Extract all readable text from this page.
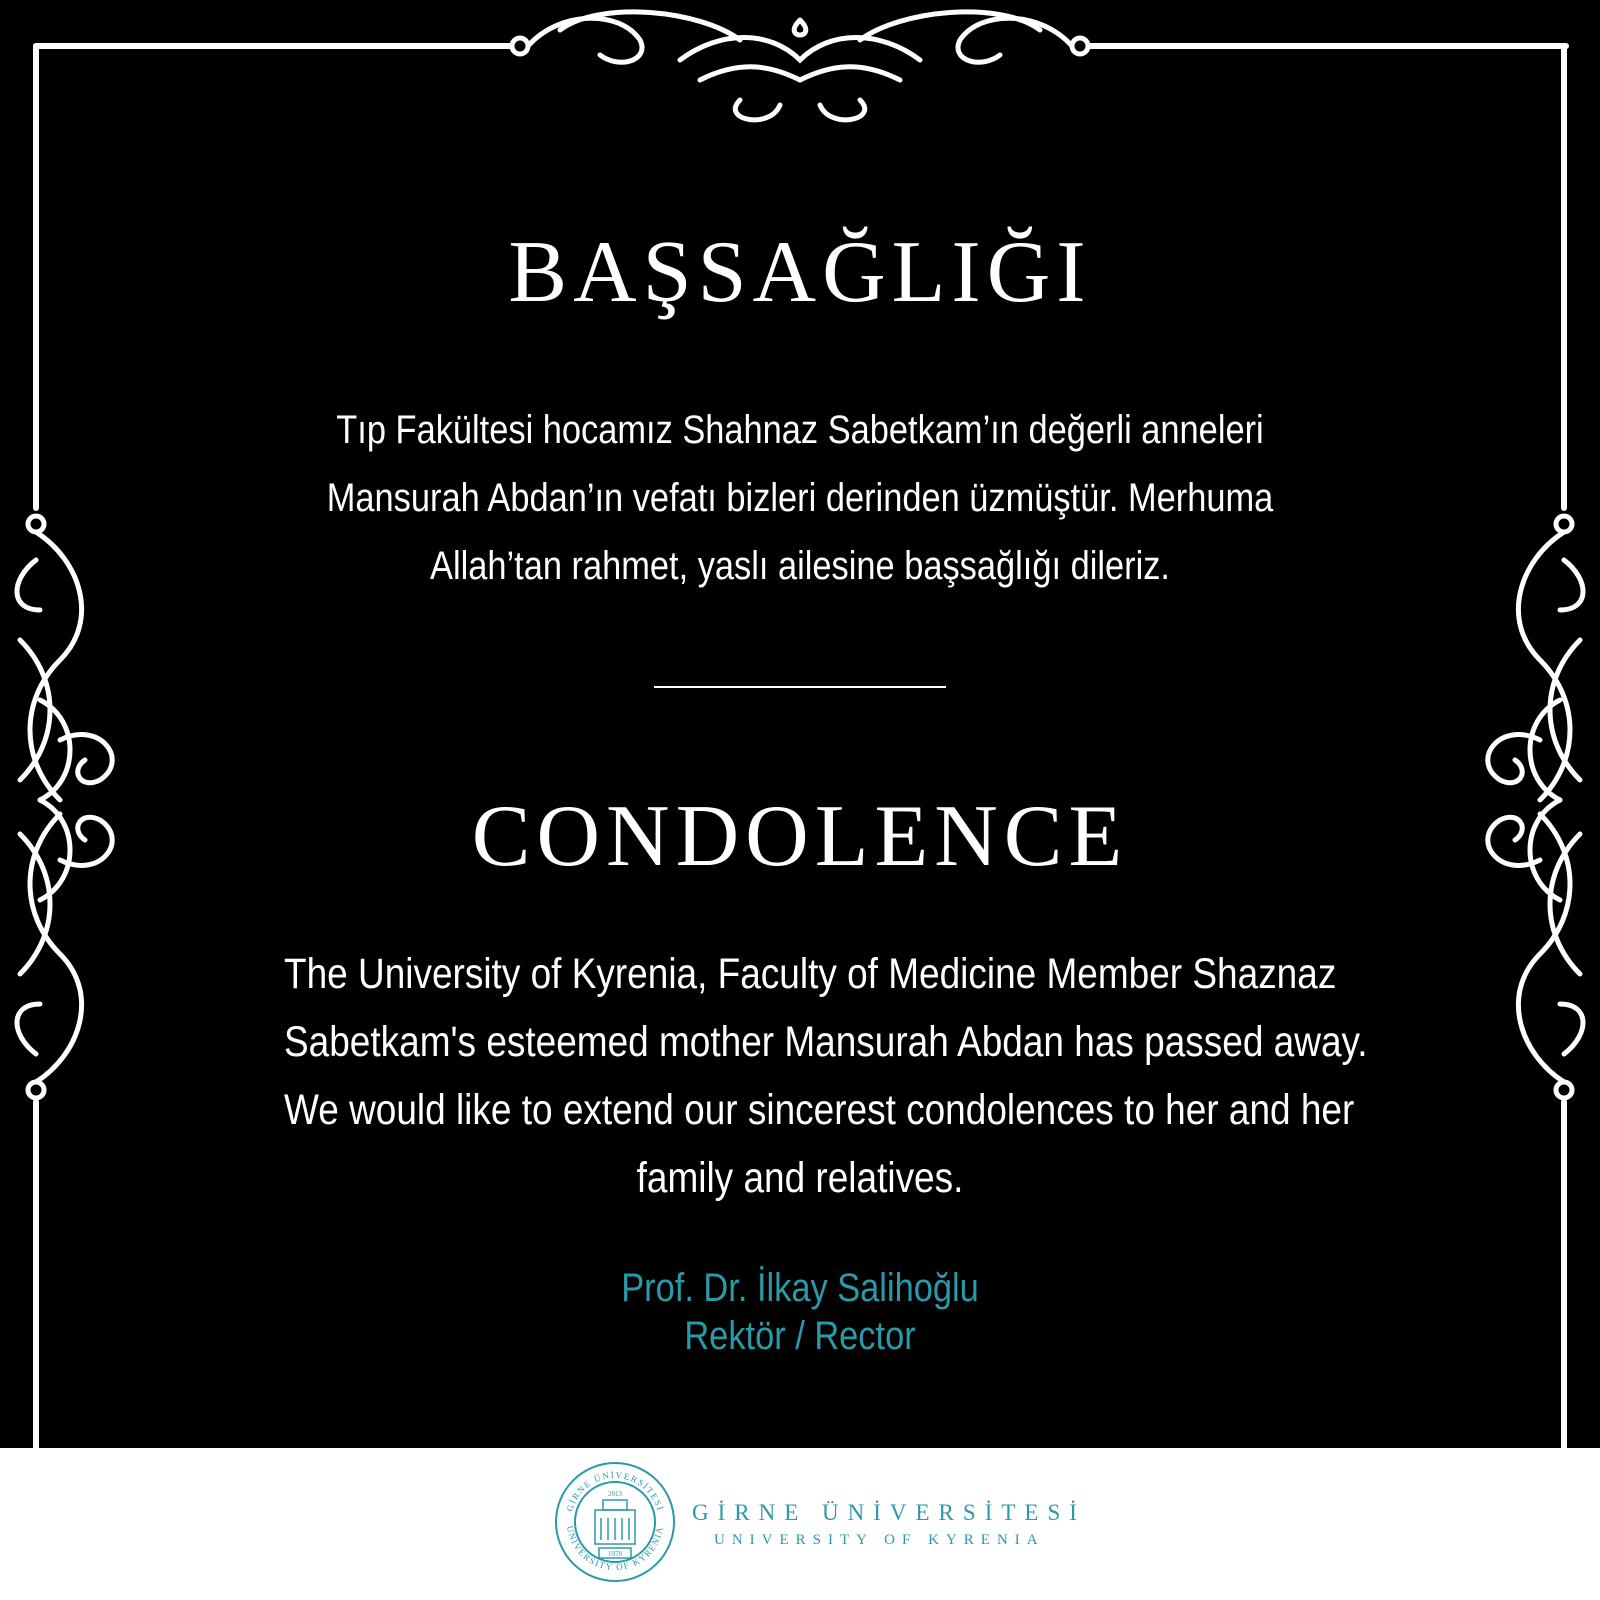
BAŞSAĞLIĞI
Tıp Fakültesi hocamız Shahnaz Sabetkam’ın değerli anneleri
Mansurah Abdan’ın vefatı bizleri derinden üzmüştür. Merhuma
Allah’tan rahmet, yaslı ailesine başsağlığı dileriz.
CONDOLENCE
The University of Kyrenia, Faculty of Medicine Member Shaznaz
Sabetkam's esteemed mother Mansurah Abdan has passed away.
We would like to extend our sincerest condolences to her and her
family and relatives.
Prof. Dr. İlkay Salihoğlu
Rektör / Rector
GİRNE ÜNİVERSİTESİ
UNIVERSITY OF KYRENIA
2013
1978
GİRNE ÜNİVERSİTESİ
UNIVERSITY OF KYRENIA
